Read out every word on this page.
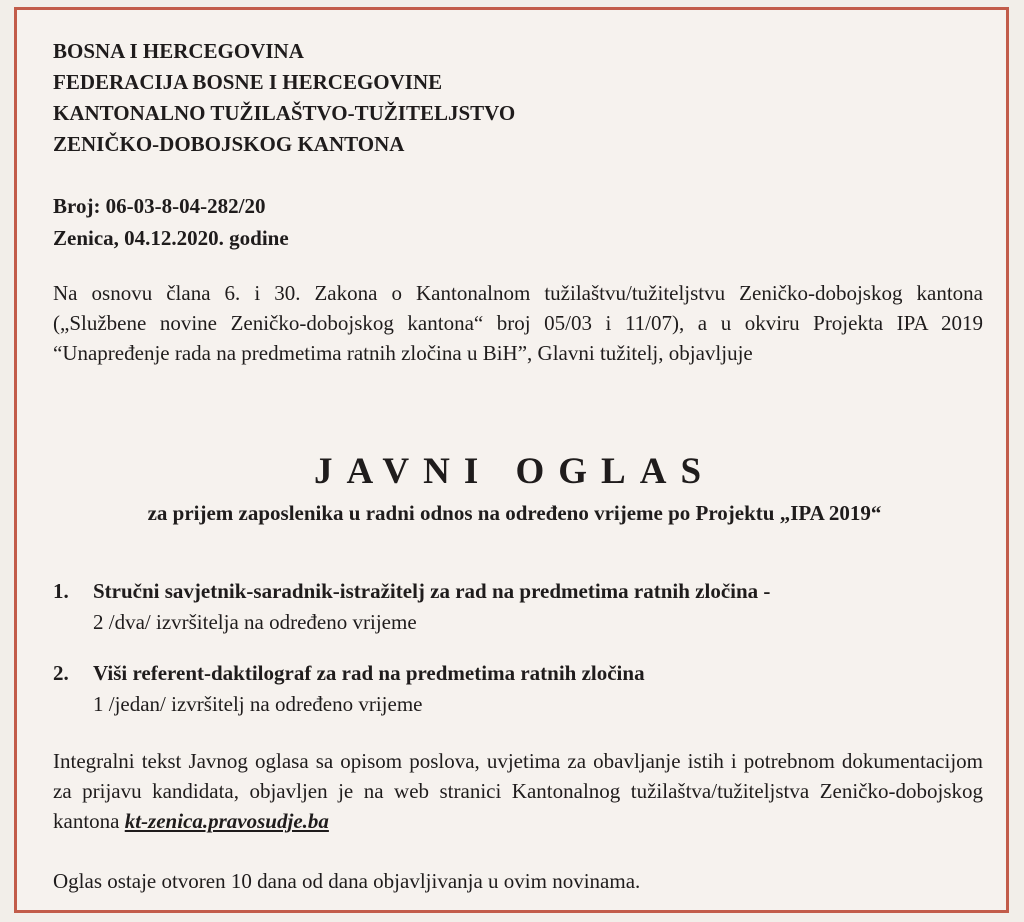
BOSNA I HERCEGOVINA
FEDERACIJA BOSNE I HERCEGOVINE
KANTONALNO TUŽILAŠTVO-TUŽITELJSTVO
ZENIČKO-DOBOJSKOG KANTONA
Broj: 06-03-8-04-282/20
Zenica, 04.12.2020. godine
Na osnovu člana 6. i 30. Zakona o Kantonalnom tužilaštvu/tužiteljstvu Zeničko-dobojskog kantona („Službene novine Zeničko-dobojskog kantona“ broj 05/03 i 11/07), a u okviru Projekta IPA 2019 “Unapređenje rada na predmetima ratnih zločina u BiH”, Glavni tužitelj, objavljuje
JAVNI OGLAS
za prijem zaposlenika u radni odnos na određeno vrijeme po Projektu „IPA 2019“
1.	Stručni savjetnik-saradnik-istražitelj za rad na predmetima ratnih zločina -
2 /dva/ izvršitelja na određeno vrijeme
2.	Viši referent-daktilograf za rad na predmetima ratnih zločina
1 /jedan/ izvršitelj na određeno vrijeme
Integralni tekst Javnog oglasa sa opisom poslova, uvjetima za obavljanje istih i potrebnom dokumentacijom za prijavu kandidata, objavljen je na web stranici Kantonalnog tužilaštva/tužiteljstva Zeničko-dobojskog kantona kt-zenica.pravosudje.ba
Oglas ostaje otvoren 10 dana od dana objavljivanja u ovim novinama.
